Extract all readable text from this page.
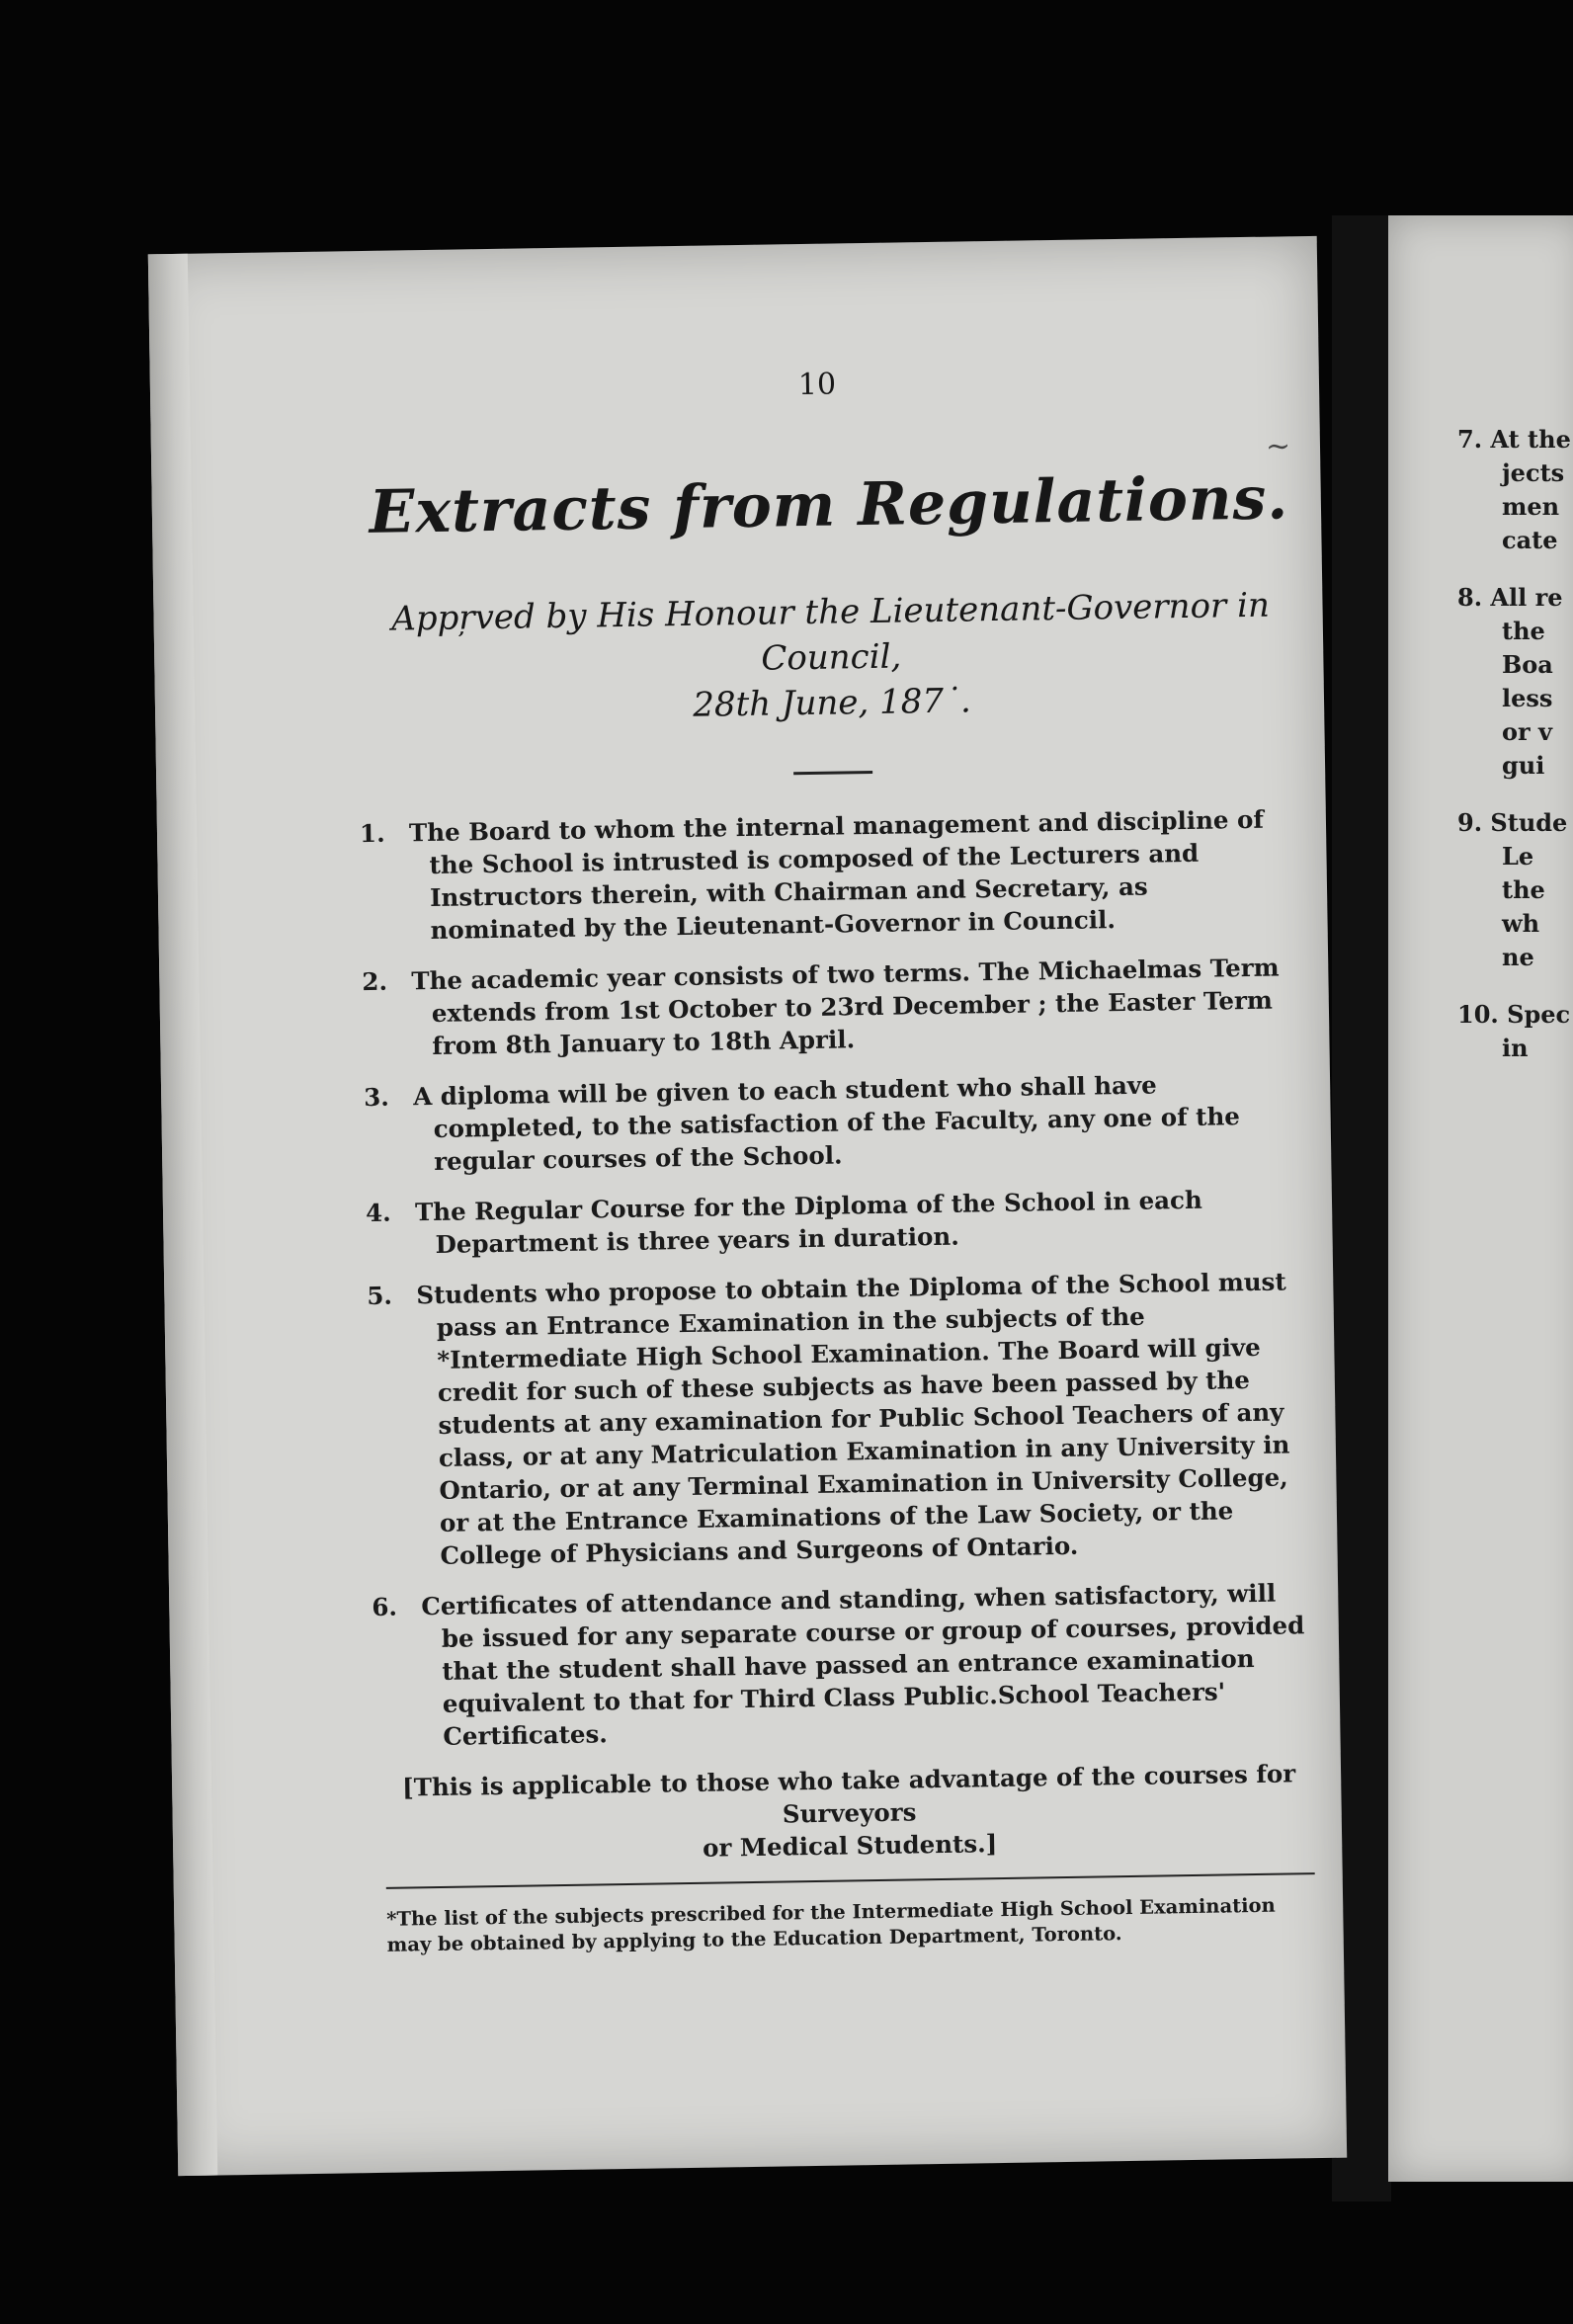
7. At the
jects
men
cate
8. All re
the
Boa
less
or v
gui
9. Stude
Le
the
wh
ne
10. Spec
in
~
10
Extracts from Regulations.

Appr̦ved by His Honour the Lieutenant-Governor in Council,

28th June, 187˙.

1. The Board to whom the internal management and discipline of the School is intrusted is composed of the Lecturers and Instructors therein, with Chairman and Secretary, as nominated by the Lieutenant-Governor in Council.
2. The academic year consists of two terms. The Michaelmas Term extends from 1st October to 23rd December ; the Easter Term from 8th January to 18th April.
3. A diploma will be given to each student who shall have completed, to the satisfaction of the Faculty, any one of the regular courses of the School.
4. The Regular Course for the Diploma of the School in each Department is three years in duration.
5. Students who propose to obtain the Diploma of the School must pass an Entrance Examination in the subjects of the *Intermediate High School Examination. The Board will give credit for such of these subjects as have been passed by the students at any examination for Public School Teachers of any class, or at any Matriculation Examination in any University in Ontario, or at any Terminal Examination in University College, or at the Entrance Examinations of the Law Society, or the College of Physicians and Surgeons of Ontario.
6. Certificates of attendance and standing, when satisfactory, will be issued for any separate course or group of courses, provided that the student shall have passed an entrance examination equivalent to that for Third Class Public.School Teachers' Certificates.
[This is applicable to those who take advantage of the courses for Surveyors
or Medical Students.]
*The list of the subjects prescribed for the Intermediate High School Examination
may be obtained by applying to the Education Department, Toronto.
